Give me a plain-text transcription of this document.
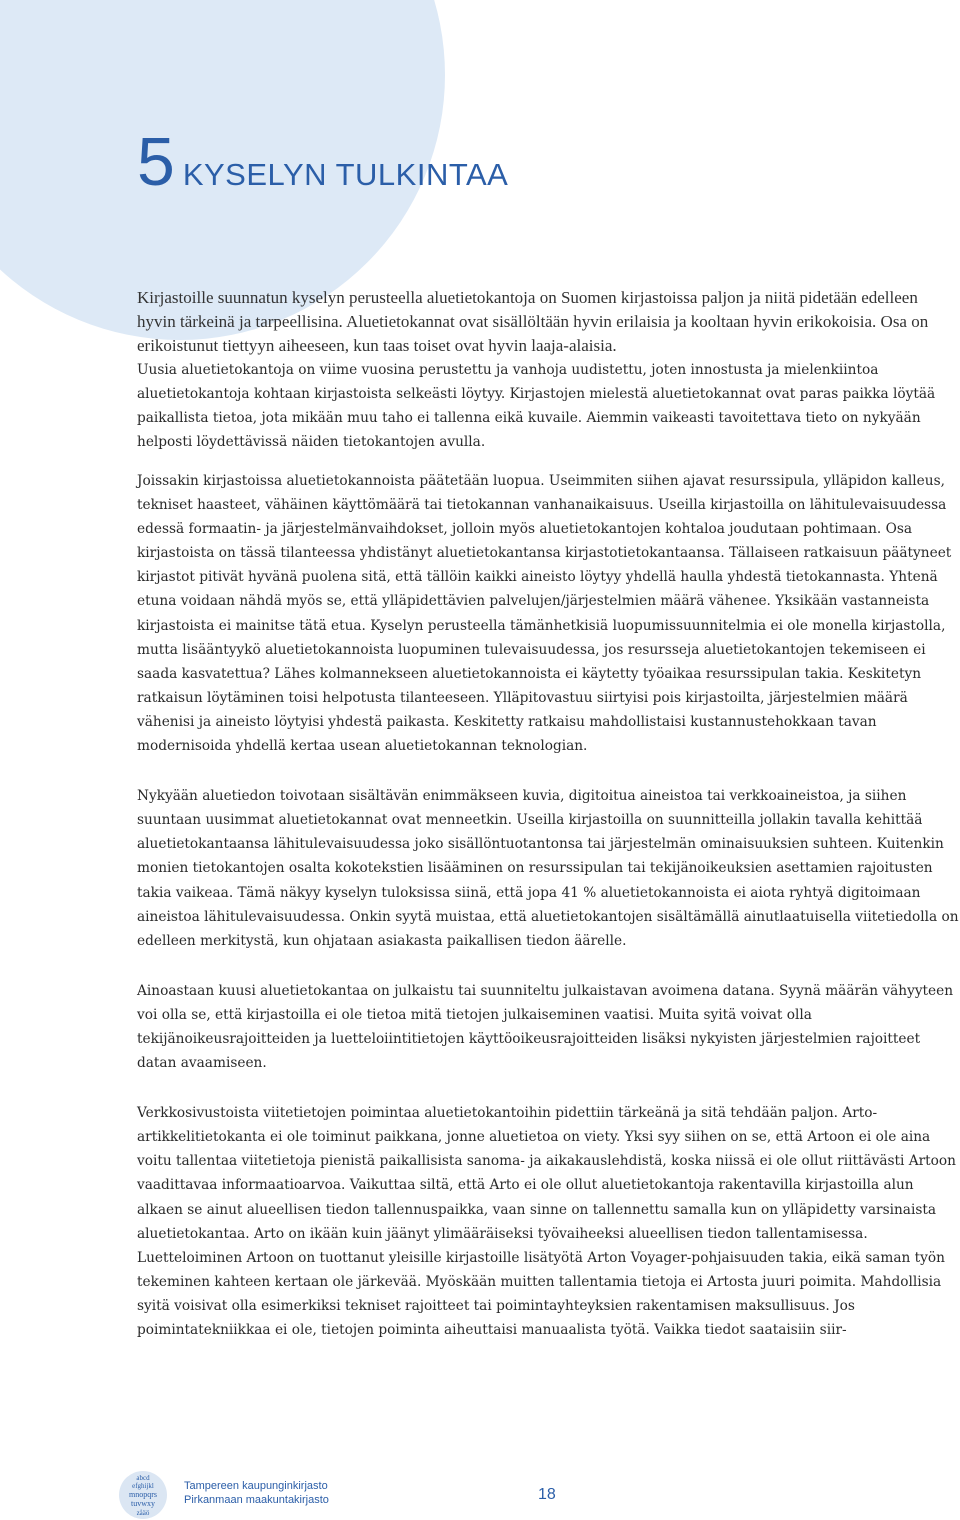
5 KYSELYN TULKINTAA

Kirjastoille suunnatun kyselyn perusteella aluetietokantoja on Suomen kirjastoissa paljon ja niitä pidetään edelleen hyvin tärkeinä ja tarpeellisina. Aluetietokannat ovat sisällöltään hyvin erilaisia ja kooltaan hyvin erikokoisia. Osa on erikoistunut tiettyyn aiheeseen, kun taas toiset ovat hyvin laaja-alaisia.

Uusia aluetietokantoja on viime vuosina perustettu ja vanhoja uudistettu, joten innostusta ja mielenkiintoa aluetietokantoja kohtaan kirjastoista selkeästi löytyy. Kirjastojen mielestä aluetietokannat ovat paras paikka löytää paikallista tietoa, jota mikään muu taho ei tallenna eikä kuvaile. Aiemmin vaikeasti tavoitettava tieto on nykyään helposti löydettävissä näiden tietokantojen avulla.

Joissakin kirjastoissa aluetietokannoista päätetään luopua. Useimmiten siihen ajavat resurssipula, ylläpidon kalleus, tekniset haasteet, vähäinen käyttömäärä tai tietokannan vanhanaikaisuus. Useilla kirjastoilla on lähitulevaisuudessa edessä formaatin- ja järjestelmänvaihdokset, jolloin myös aluetietokantojen kohtaloa joudutaan pohtimaan. Osa kirjastoista on tässä tilanteessa yhdistänyt aluetietokantansa kirjastotietokantaansa. Tällaiseen ratkaisuun päätyneet kirjastot pitivät hyvänä puolena sitä, että tällöin kaikki aineisto löytyy yhdellä haulla yhdestä tietokannasta. Yhtenä etuna voidaan nähdä myös se, että ylläpidettävien palvelujen/järjestelmien määrä vähenee. Yksikään vastanneista kirjastoista ei mainitse tätä etua. Kyselyn perusteella tämänhetkisiä luopumissuunnitelmia ei ole monella kirjastolla, mutta lisääntyykö aluetietokannoista luopuminen tulevaisuudessa, jos resursseja aluetietokantojen tekemiseen ei saada kasvatettua? Lähes kolmannekseen aluetietokannoista ei käytetty työaikaa resurssipulan takia. Keskitetyn ratkaisun löytäminen toisi helpotusta tilanteeseen. Ylläpitovastuu siirtyisi pois kirjastoilta, järjestelmien määrä vähenisi ja aineisto löytyisi yhdestä paikasta. Keskitetty ratkaisu mahdollistaisi kustannustehokkaan tavan modernisoida yhdellä kertaa usean aluetietokannan teknologian.

Nykyään aluetiedon toivotaan sisältävän enimmäkseen kuvia, digitoitua aineistoa tai verkkoaineistoa, ja siihen suuntaan uusimmat aluetietokannat ovat menneetkin. Useilla kirjastoilla on suunnitteilla jollakin tavalla kehittää aluetietokantaansa lähitulevaisuudessa joko sisällöntuotantonsa tai järjestelmän ominaisuuksien suhteen. Kuitenkin monien tietokantojen osalta kokotekstien lisääminen on resurssipulan tai tekijänoikeuksien asettamien rajoitusten takia vaikeaa. Tämä näkyy kyselyn tuloksissa siinä, että jopa 41 % aluetietokannoista ei aiota ryhtyä digitoimaan aineistoa lähitulevaisuudessa. Onkin syytä muistaa, että aluetietokantojen sisältämällä ainutlaatuisella viitetiedolla on edelleen merkitystä, kun ohjataan asiakasta paikallisen tiedon äärelle.

Ainoastaan kuusi aluetietokantaa on julkaistu tai suunniteltu julkaistavan avoimena datana. Syynä määrän vähyyteen voi olla se, että kirjastoilla ei ole tietoa mitä tietojen julkaiseminen vaatisi. Muita syitä voivat olla tekijänoikeusrajoitteiden ja luetteloiintitietojen käyttöoikeusrajoitteiden lisäksi nykyisten järjestelmien rajoitteet datan avaamiseen.

Verkkosivustoista viitetietojen poimintaa aluetietokantoihin pidettiin tärkeänä ja sitä tehdään paljon. Arto-artikkelitietokanta ei ole toiminut paikkana, jonne aluetietoa on viety. Yksi syy siihen on se, että Artoon ei ole aina voitu tallentaa viitetietoja pienistä paikallisista sanoma- ja aikakauslehdistä, koska niissä ei ole ollut riittävästi Artoon vaadittavaa informaatioarvoa. Vaikuttaa siltä, että Arto ei ole ollut aluetietokantoja rakentavilla kirjastoilla alun alkaen se ainut alueellisen tiedon tallennuspaikka, vaan sinne on tallennettu samalla kun on ylläpidetty varsinaista aluetietokantaa. Arto on ikään kuin jäänyt ylimääräiseksi työvaiheeksi alueellisen tiedon tallentamisessa. Luetteloiminen Artoon on tuottanut yleisille kirjastoille lisätyötä Arton Voyager-pohjaisuuden takia, eikä saman työn tekeminen kahteen kertaan ole järkevää. Myöskään muitten tallentamia tietoja ei Artosta juuri poimita. Mahdollisia syitä voisivat olla esimerkiksi tekniset rajoitteet tai poimintayhteyksien rakentamisen maksullisuus. Jos poimintatekniikkaa ei ole, tietojen poiminta aiheuttaisi manuaalista työtä. Vaikka tiedot saataisiin siir-

abcd
efghijkl
mnopqrs
tuvwxy
zåäö
Tampereen kaupunginkirjasto
Pirkanmaan maakuntakirjasto	18
